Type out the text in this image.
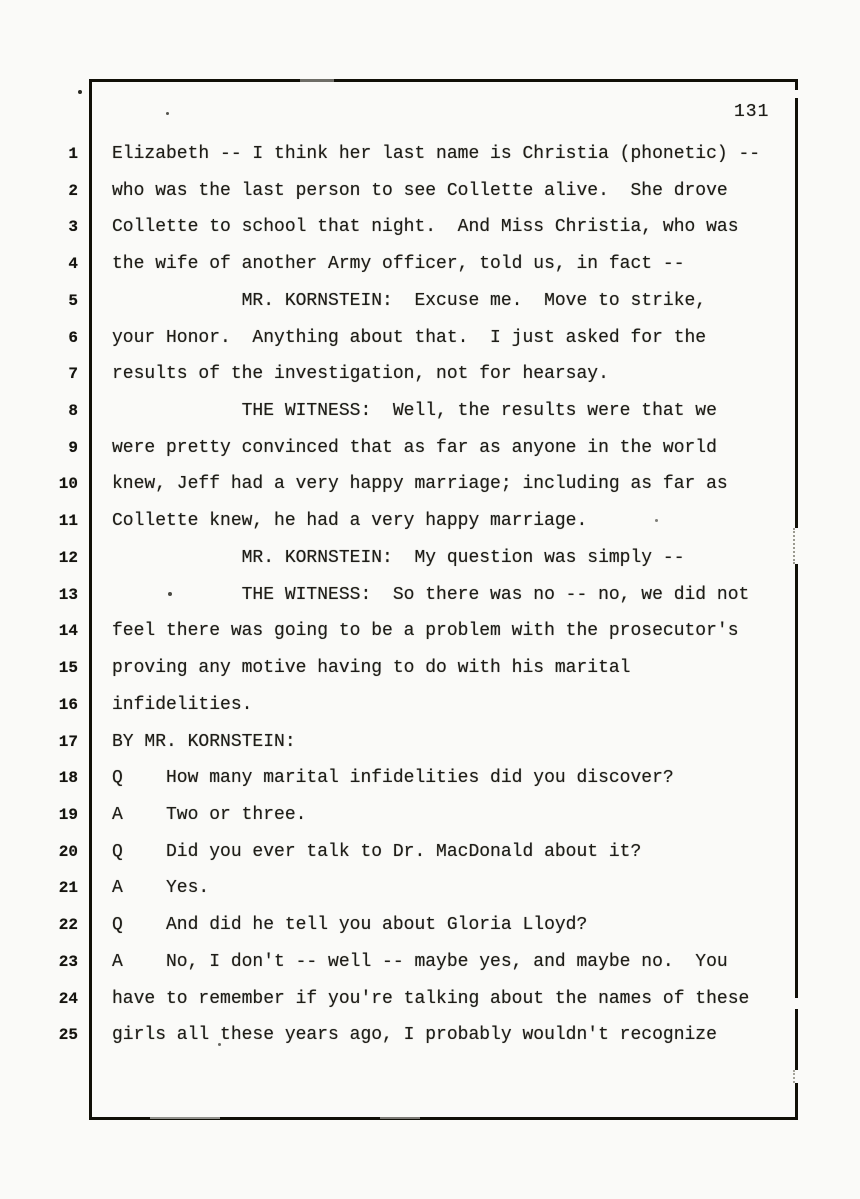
131
1	Elizabeth -- I think her last name is Christia (phonetic) --
2	who was the last person to see Collette alive.  She drove
3	Collette to school that night.  And Miss Christia, who was
4	the wife of another Army officer, told us, in fact --
5	MR. KORNSTEIN:  Excuse me.  Move to strike,
6	your Honor.  Anything about that.  I just asked for the
7	results of the investigation, not for hearsay.
8	THE WITNESS:  Well, the results were that we
9	were pretty convinced that as far as anyone in the world
10	knew, Jeff had a very happy marriage; including as far as
11	Collette knew, he had a very happy marriage.
12	MR. KORNSTEIN:  My question was simply --
13	THE WITNESS:  So there was no -- no, we did not
14	feel there was going to be a problem with the prosecutor's
15	proving any motive having to do with his marital
16	infidelities.
17	BY MR. KORNSTEIN:
18	Q    How many marital infidelities did you discover?
19	A    Two or three.
20	Q    Did you ever talk to Dr. MacDonald about it?
21	A    Yes.
22	Q    And did he tell you about Gloria Lloyd?
23	A    No, I don't -- well -- maybe yes, and maybe no.  You
24	have to remember if you're talking about the names of these
25	girls all these years ago, I probably wouldn't recognize
